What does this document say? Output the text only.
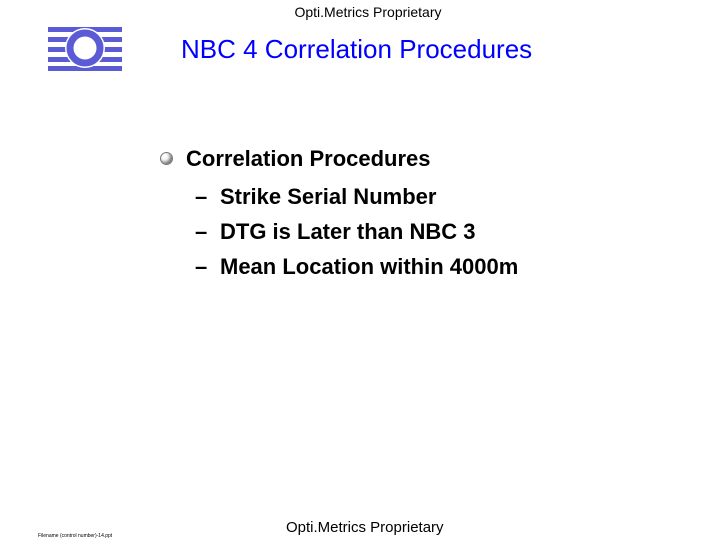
Opti.Metrics Proprietary
NBC 4 Correlation Procedures
Correlation Procedures
– Strike Serial Number
– DTG is Later than NBC 3
– Mean Location within 4000m
Filename (control number)-14.ppt	Opti.Metrics Proprietary
